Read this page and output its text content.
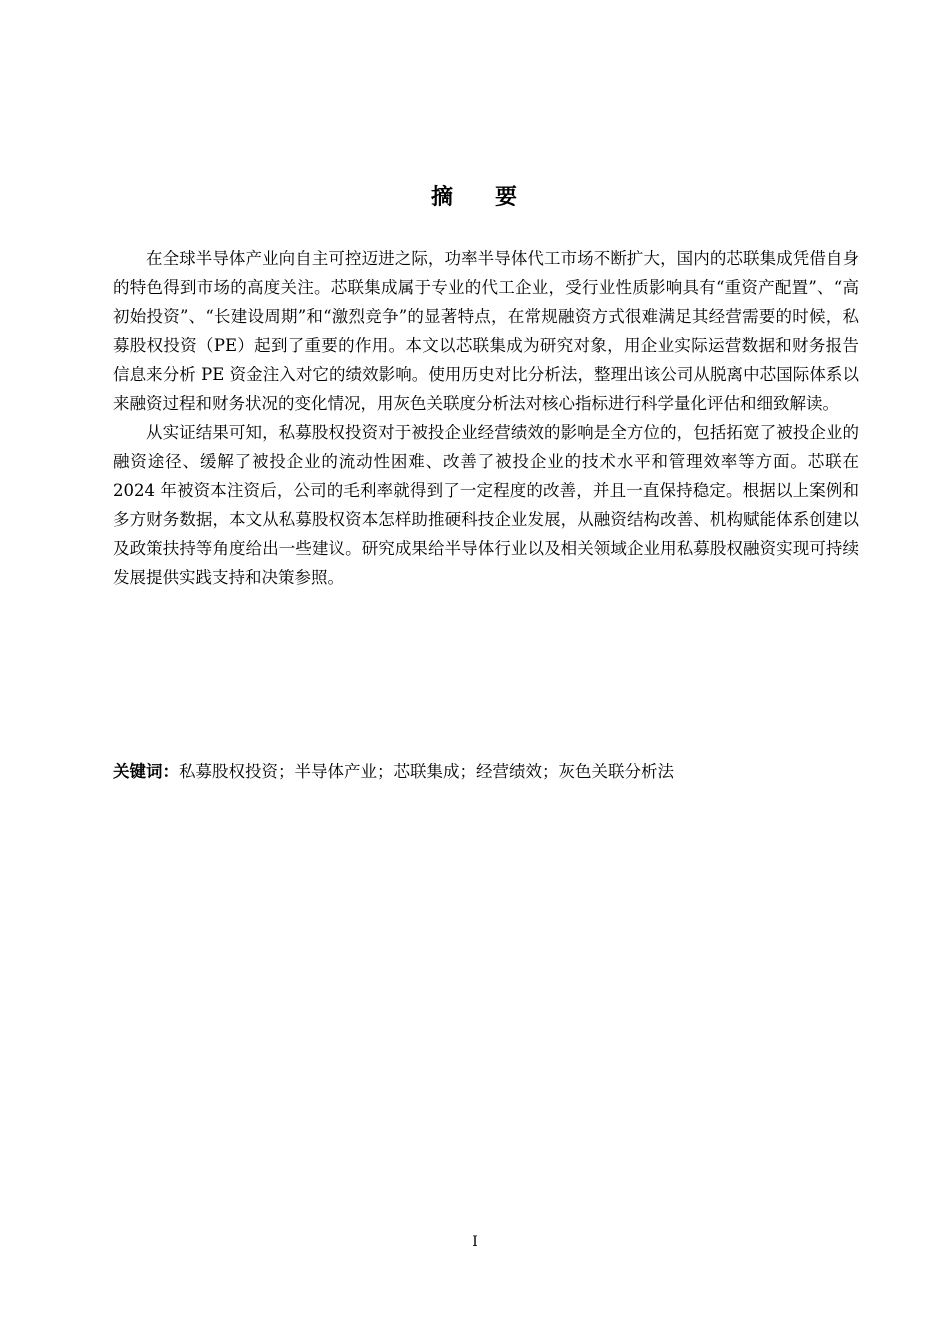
摘 要

在全球半导体产业向自主可控迈进之际，功率半导体代工市场不断扩大，国内的芯联集成凭借自身的特色得到市场的高度关注。芯联集成属于专业的代工企业，受行业性质影响具有“重资产配置”、“高初始投资”、“长建设周期”和“激烈竞争”的显著特点，在常规融资方式很难满足其经营需要的时候，私募股权投资（PE）起到了重要的作用。本文以芯联集成为研究对象，用企业实际运营数据和财务报告信息来分析 PE 资金注入对它的绩效影响。使用历史对比分析法，整理出该公司从脱离中芯国际体系以来融资过程和财务状况的变化情况，用灰色关联度分析法对核心指标进行科学量化评估和细致解读。

从实证结果可知，私募股权投资对于被投企业经营绩效的影响是全方位的，包括拓宽了被投企业的融资途径、缓解了被投企业的流动性困难、改善了被投企业的技术水平和管理效率等方面。芯联在 2024 年被资本注资后，公司的毛利率就得到了一定程度的改善，并且一直保持稳定。根据以上案例和多方财务数据，本文从私募股权资本怎样助推硬科技企业发展，从融资结构改善、机构赋能体系创建以及政策扶持等角度给出一些建议。研究成果给半导体行业以及相关领域企业用私募股权融资实现可持续发展提供实践支持和决策参照。

关键词：私募股权投资；半导体产业；芯联集成；经营绩效；灰色关联分析法
I
